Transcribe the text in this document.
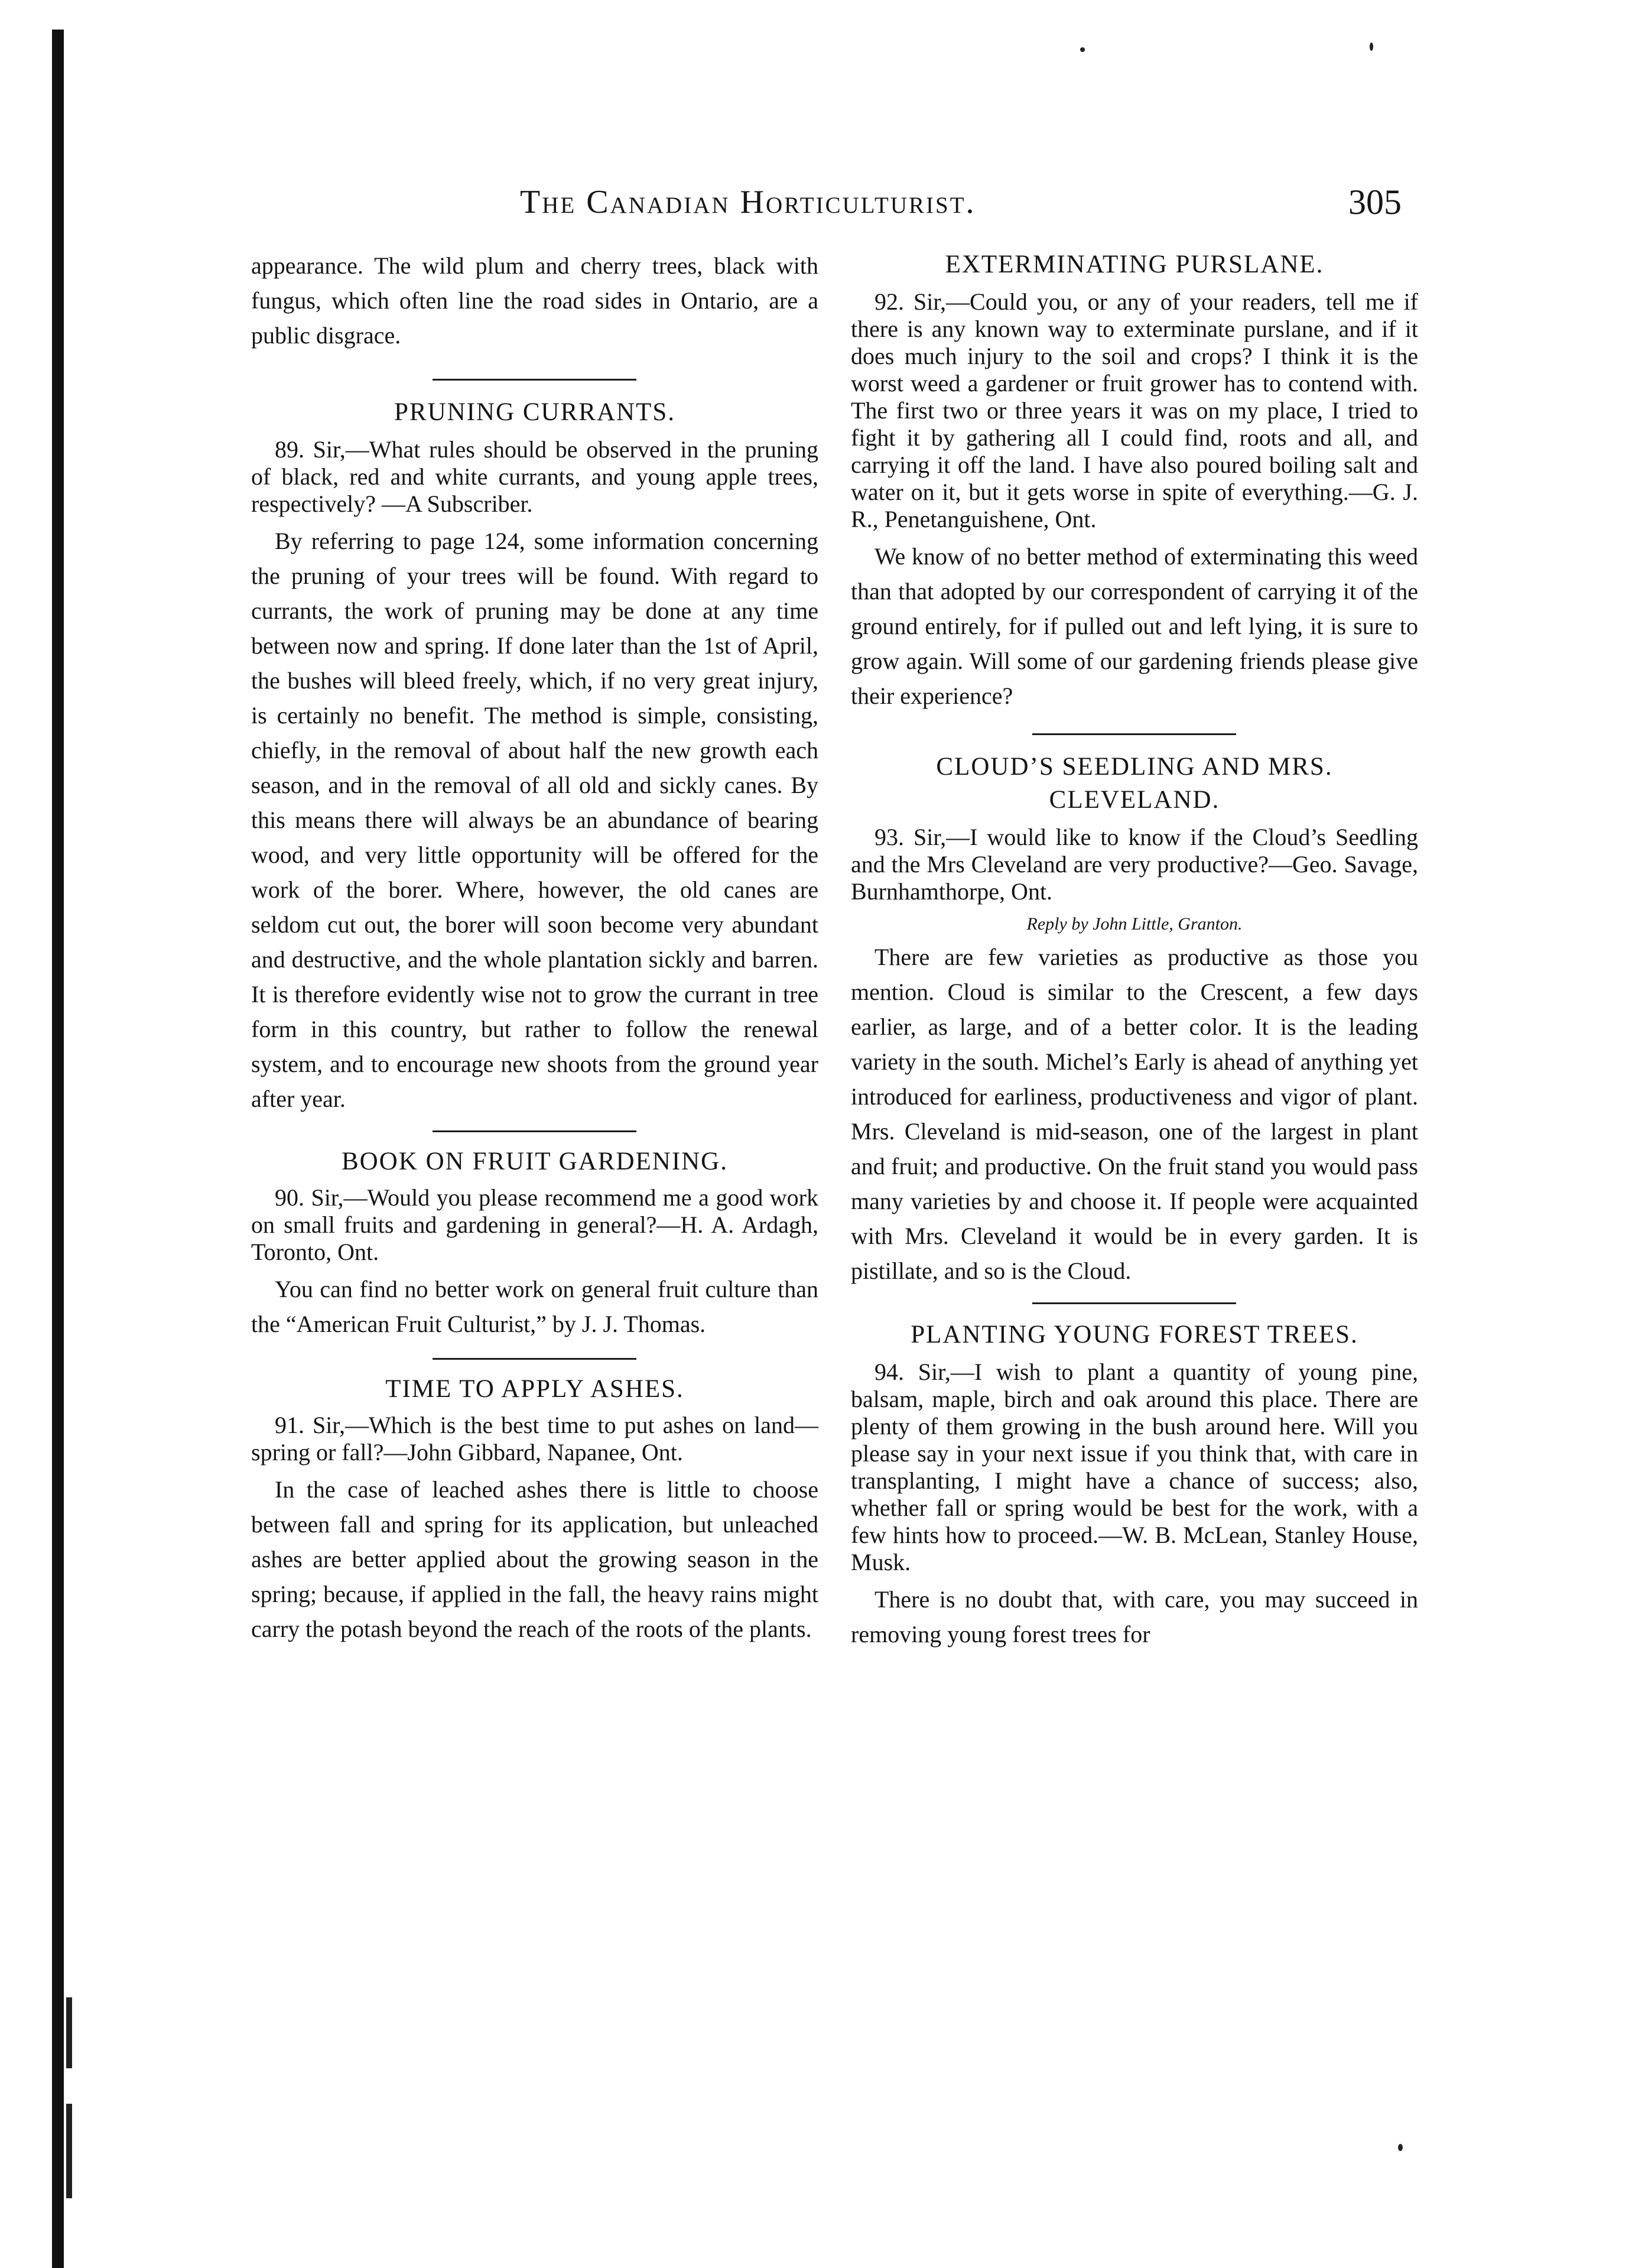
The Canadian Horticulturist.	305

appearance. The wild plum and cherry trees, black with fungus, which often line the road sides in Ontario, are a public disgrace.

PRUNING CURRANTS.

89. Sir,—What rules should be observed in the pruning of black, red and white currants, and young apple trees, respectively? —A Subscriber.

By referring to page 124, some information concerning the pruning of your trees will be found. With regard to currants, the work of pruning may be done at any time between now and spring. If done later than the 1st of April, the bushes will bleed freely, which, if no very great injury, is certainly no benefit. The method is simple, consisting, chiefly, in the removal of about half the new growth each season, and in the removal of all old and sickly canes. By this means there will always be an abundance of bearing wood, and very little opportunity will be offered for the work of the borer. Where, however, the old canes are seldom cut out, the borer will soon become very abundant and destructive, and the whole plantation sickly and barren. It is therefore evidently wise not to grow the currant in tree form in this country, but rather to follow the renewal system, and to encourage new shoots from the ground year after year.

BOOK ON FRUIT GARDENING.

90. Sir,—Would you please recommend me a good work on small fruits and gardening in general?—H. A. Ardagh, Toronto, Ont.

You can find no better work on general fruit culture than the “American Fruit Culturist,” by J. J. Thomas.

TIME TO APPLY ASHES.

91. Sir,—Which is the best time to put ashes on land—spring or fall?—John Gibbard, Napanee, Ont.

In the case of leached ashes there is little to choose between fall and spring for its application, but unleached ashes are better applied about the growing season in the spring; because, if applied in the fall, the heavy rains might carry the potash beyond the reach of the roots of the plants.

EXTERMINATING PURSLANE.

92. Sir,—Could you, or any of your readers, tell me if there is any known way to exterminate purslane, and if it does much injury to the soil and crops? I think it is the worst weed a gardener or fruit grower has to contend with. The first two or three years it was on my place, I tried to fight it by gathering all I could find, roots and all, and carrying it off the land. I have also poured boiling salt and water on it, but it gets worse in spite of everything.—G. J. R., Penetanguishene, Ont.

We know of no better method of exterminating this weed than that adopted by our correspondent of carrying it of the ground entirely, for if pulled out and left lying, it is sure to grow again. Will some of our gardening friends please give their experience?

CLOUD’S SEEDLING AND MRS. CLEVELAND.

93. Sir,—I would like to know if the Cloud’s Seedling and the Mrs Cleveland are very productive?—Geo. Savage, Burnhamthorpe, Ont.

Reply by John Little, Granton.

There are few varieties as productive as those you mention. Cloud is similar to the Crescent, a few days earlier, as large, and of a better color. It is the leading variety in the south. Michel’s Early is ahead of anything yet introduced for earliness, productiveness and vigor of plant. Mrs. Cleveland is mid-season, one of the largest in plant and fruit; and productive. On the fruit stand you would pass many varieties by and choose it. If people were acquainted with Mrs. Cleveland it would be in every garden. It is pistillate, and so is the Cloud.

PLANTING YOUNG FOREST TREES.

94. Sir,—I wish to plant a quantity of young pine, balsam, maple, birch and oak around this place. There are plenty of them growing in the bush around here. Will you please say in your next issue if you think that, with care in transplanting, I might have a chance of success; also, whether fall or spring would be best for the work, with a few hints how to proceed.—W. B. McLean, Stanley House, Musk.

There is no doubt that, with care, you may succeed in removing young forest trees for
